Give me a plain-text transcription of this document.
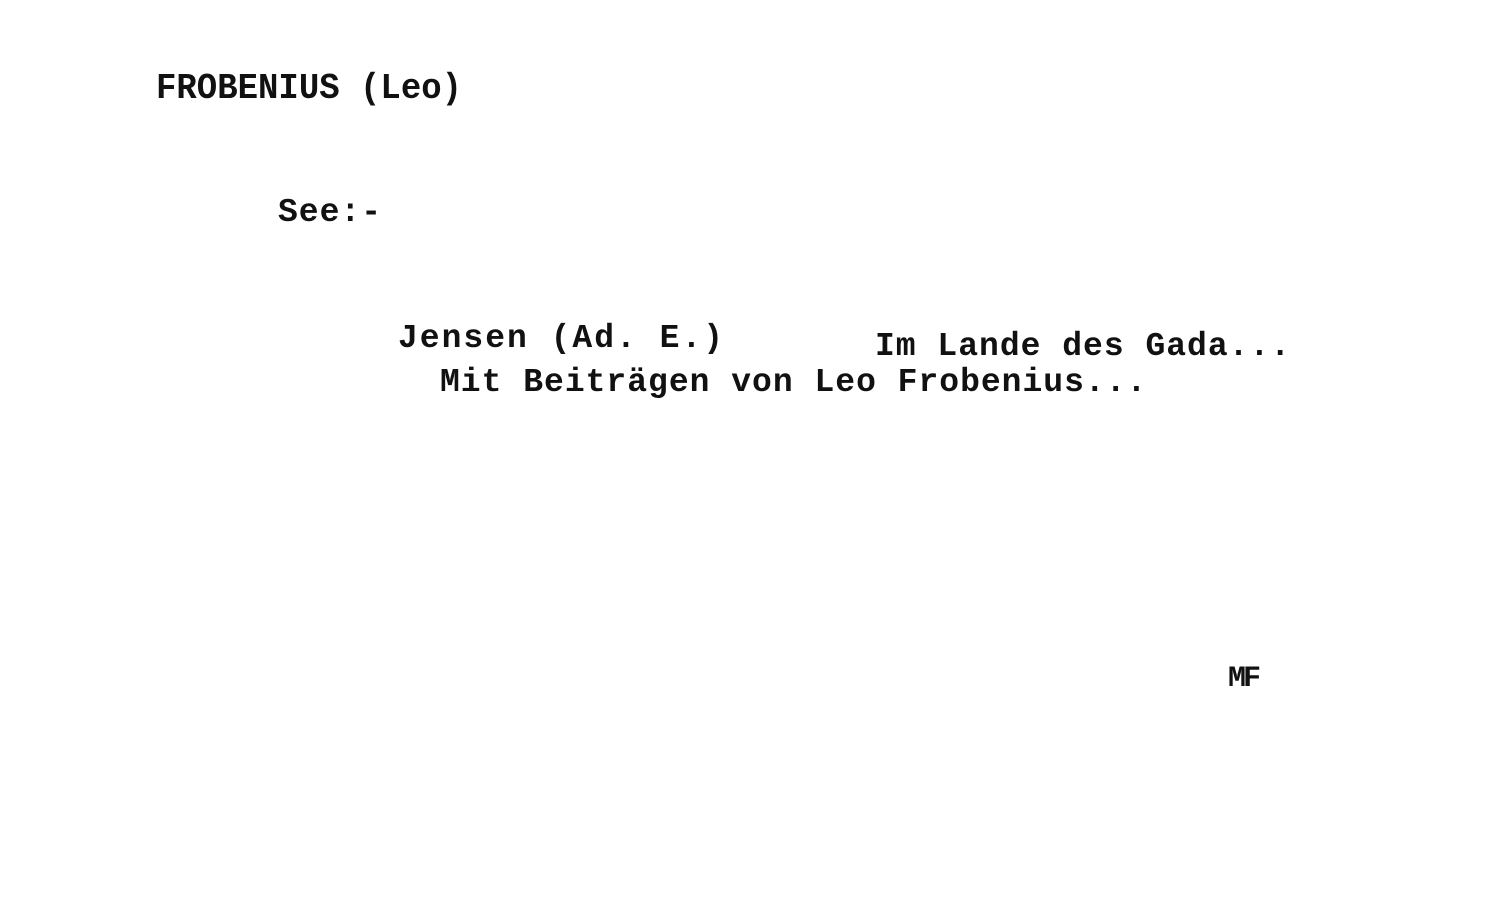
FROBENIUS (Leo)

See:-

Jensen (Ad. E.)	Im Lande des Gada...

Mit Beiträgen von Leo Frobenius...

MF
